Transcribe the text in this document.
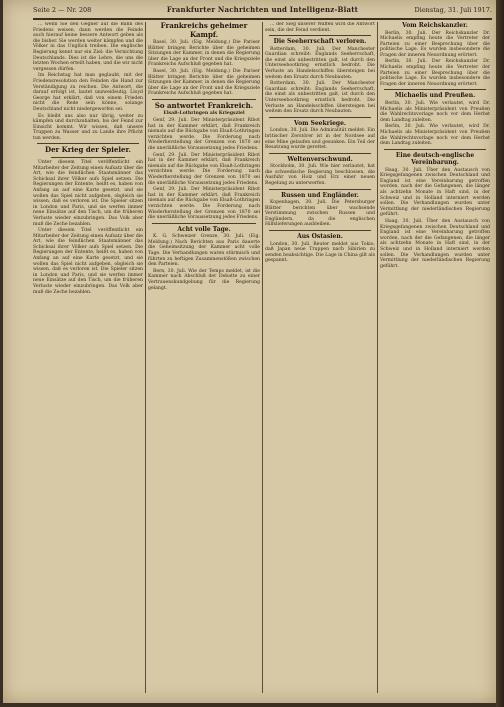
Seite 2 — Nr. 208	Frankfurter Nachrichten und Intelligenz-Blatt	Dienstag, 31. Juli 1917.

... wenn Sie den Gegner auf die Bahn des Friedens weisen, dann werden die Feinde auch hierauf keine bessere Antwort geben als die bisher. Sie werden weiter kämpfen und die Völker in das Unglück treiben. Die englische Regierung kennt nur ein Ziel: die Vernichtung Deutschlands. Dies ist die Lehre, die uns die letzten Wochen erteilt haben, und die wir nicht vergessen dürfen.

Im Reichstag hat man geglaubt, mit der Friedensresolution den Feinden die Hand zur Verständigung zu reichen. Die Antwort, die darauf erfolgt ist, lautet unzweideutig. Lloyd George hat erklärt, daß von einem Frieden nicht die Rede sein könne, solange Deutschland nicht niedergeworfen sei.

Es bleibt uns also nur übrig, weiter zu kämpfen und durchzuhalten, bis der Feind zur Einsicht kommt. Wir wissen, daß unsere Truppen zu Wasser und zu Lande ihre Pflicht tun werden.

Der Krieg der Spieler.

Unter diesem Titel veröffentlicht ein Mitarbeiter der Zeitung einen Aufsatz über die Art, wie die feindlichen Staatsmänner das Schicksal ihrer Völker aufs Spiel setzen. Die Regierungen der Entente, heißt es, haben von Anfang an auf eine Karte gesetzt, und sie wollen das Spiel nicht aufgeben, obgleich sie wissen, daß es verloren ist. Die Spieler sitzen in London und Paris, und sie werfen immer neue Einsätze auf den Tisch, um die früheren Verluste wieder einzubringen. Das Volk aber muß die Zeche bezahlen.

Unter diesem Titel veröffentlicht ein Mitarbeiter der Zeitung einen Aufsatz über die Art, wie die feindlichen Staatsmänner das Schicksal ihrer Völker aufs Spiel setzen. Die Regierungen der Entente, heißt es, haben von Anfang an auf eine Karte gesetzt, und sie wollen das Spiel nicht aufgeben, obgleich sie wissen, daß es verloren ist. Die Spieler sitzen in London und Paris, und sie werfen immer neue Einsätze auf den Tisch, um die früheren Verluste wieder einzubringen. Das Volk aber muß die Zeche bezahlen.

Frankreichs geheimer Kampf.

Basel, 30. Juli. (Eig. Meldung.) Die Pariser Blätter bringen Berichte über die geheimen Sitzungen der Kammer, in denen die Regierung über die Lage an der Front und die Kriegsziele Frankreichs Aufschluß gegeben hat.

Basel, 30. Juli. (Eig. Meldung.) Die Pariser Blätter bringen Berichte über die geheimen Sitzungen der Kammer, in denen die Regierung über die Lage an der Front und die Kriegsziele Frankreichs Aufschluß gegeben hat.

So antwortet Frankreich.

Elsaß-Lothringen als Kriegsziel

Genf, 29. Juli. Der Ministerpräsident Ribot hat in der Kammer erklärt, daß Frankreich niemals auf die Rückgabe von Elsaß-Lothringen verzichten werde. Die Forderung nach Wiederherstellung der Grenzen von 1870 sei die unerläßliche Voraussetzung jedes Friedens.

Genf, 29. Juli. Der Ministerpräsident Ribot hat in der Kammer erklärt, daß Frankreich niemals auf die Rückgabe von Elsaß-Lothringen verzichten werde. Die Forderung nach Wiederherstellung der Grenzen von 1870 sei die unerläßliche Voraussetzung jedes Friedens.

Genf, 29. Juli. Der Ministerpräsident Ribot hat in der Kammer erklärt, daß Frankreich niemals auf die Rückgabe von Elsaß-Lothringen verzichten werde. Die Forderung nach Wiederherstellung der Grenzen von 1870 sei die unerläßliche Voraussetzung jedes Friedens.

Acht volle Tage.

K. G. Schweizer Grenze, 30. Juli. (Eig. Meldung.) Nach Berichten aus Paris dauerte die Geheimsitzung der Kammer acht volle Tage. Die Verhandlungen waren stürmisch und führten zu heftigen Zusammenstößen zwischen den Parteien.

Bern, 30. Juli. Wie der Temps meldet, ist die Kammer nach Abschluß der Debatte zu einer Vertrauenskundgebung für die Regierung gelangt.

... der Sieg unserer Waffen wird die Antwort sein, die der Feind verdient.

Die Seeherrschaft verloren.

Rotterdam, 30. Juli. Der Manchester Guardian schreibt: Englands Seeherrschaft, die einst als unbestritten galt, ist durch den Unterseebootkrieg ernstlich bedroht. Die Verluste an Handelsschiffen übersteigen bei weitem den Ersatz durch Neubauten.

Rotterdam, 30. Juli. Der Manchester Guardian schreibt: Englands Seeherrschaft, die einst als unbestritten galt, ist durch den Unterseebootkrieg ernstlich bedroht. Die Verluste an Handelsschiffen übersteigen bei weitem den Ersatz durch Neubauten.

Vom Seekriege.

London, 30. Juli. Die Admiralität meldet: Ein britischer Zerstörer ist in der Nordsee auf eine Mine gelaufen und gesunken. Ein Teil der Besatzung wurde gerettet.

Weltenverschwund.

Stockholm, 30. Juli. Wie hier verlautet, hat die schwedische Regierung beschlossen, die Ausfuhr von Holz und Erz einer neuen Regelung zu unterwerfen.

Russen und Engländer.

Kopenhagen, 30. Juli. Die Petersburger Blätter berichten über wachsende Verstimmung zwischen Russen und Engländern, da die englischen Hilfslieferungen ausbleiben.

Aus Ostasien.

London, 30. Juli. Reuter meldet aus Tokio, daß Japan neue Truppen nach Sibirien zu senden beabsichtige. Die Lage in China gilt als gespannt.

Vom Reichskanzler.

Berlin, 30. Juli. Der Reichskanzler Dr. Michaelis empfing heute die Vertreter der Parteien zu einer Besprechung über die politische Lage. Es wurden insbesondere die Fragen der inneren Neuordnung erörtert.

Berlin, 30. Juli. Der Reichskanzler Dr. Michaelis empfing heute die Vertreter der Parteien zu einer Besprechung über die politische Lage. Es wurden insbesondere die Fragen der inneren Neuordnung erörtert.

Michaelis und Preußen.

Berlin, 30. Juli. Wie verlautet, wird Dr. Michaelis als Ministerpräsident von Preußen die Wahlrechtsvorlage noch vor dem Herbst dem Landtag zuleiten.

Berlin, 30. Juli. Wie verlautet, wird Dr. Michaelis als Ministerpräsident von Preußen die Wahlrechtsvorlage noch vor dem Herbst dem Landtag zuleiten.

Eine deutsch-englische Vereinbarung.

Haag, 30. Juli. Über den Austausch von Kriegsgefangenen zwischen Deutschland und England ist eine Vereinbarung getroffen worden, nach der die Gefangenen, die länger als achtzehn Monate in Haft sind, in der Schweiz und in Holland interniert werden sollen. Die Verhandlungen wurden unter Vermittlung der niederländischen Regierung geführt.

Haag, 30. Juli. Über den Austausch von Kriegsgefangenen zwischen Deutschland und England ist eine Vereinbarung getroffen worden, nach der die Gefangenen, die länger als achtzehn Monate in Haft sind, in der Schweiz und in Holland interniert werden sollen. Die Verhandlungen wurden unter Vermittlung der niederländischen Regierung geführt.
